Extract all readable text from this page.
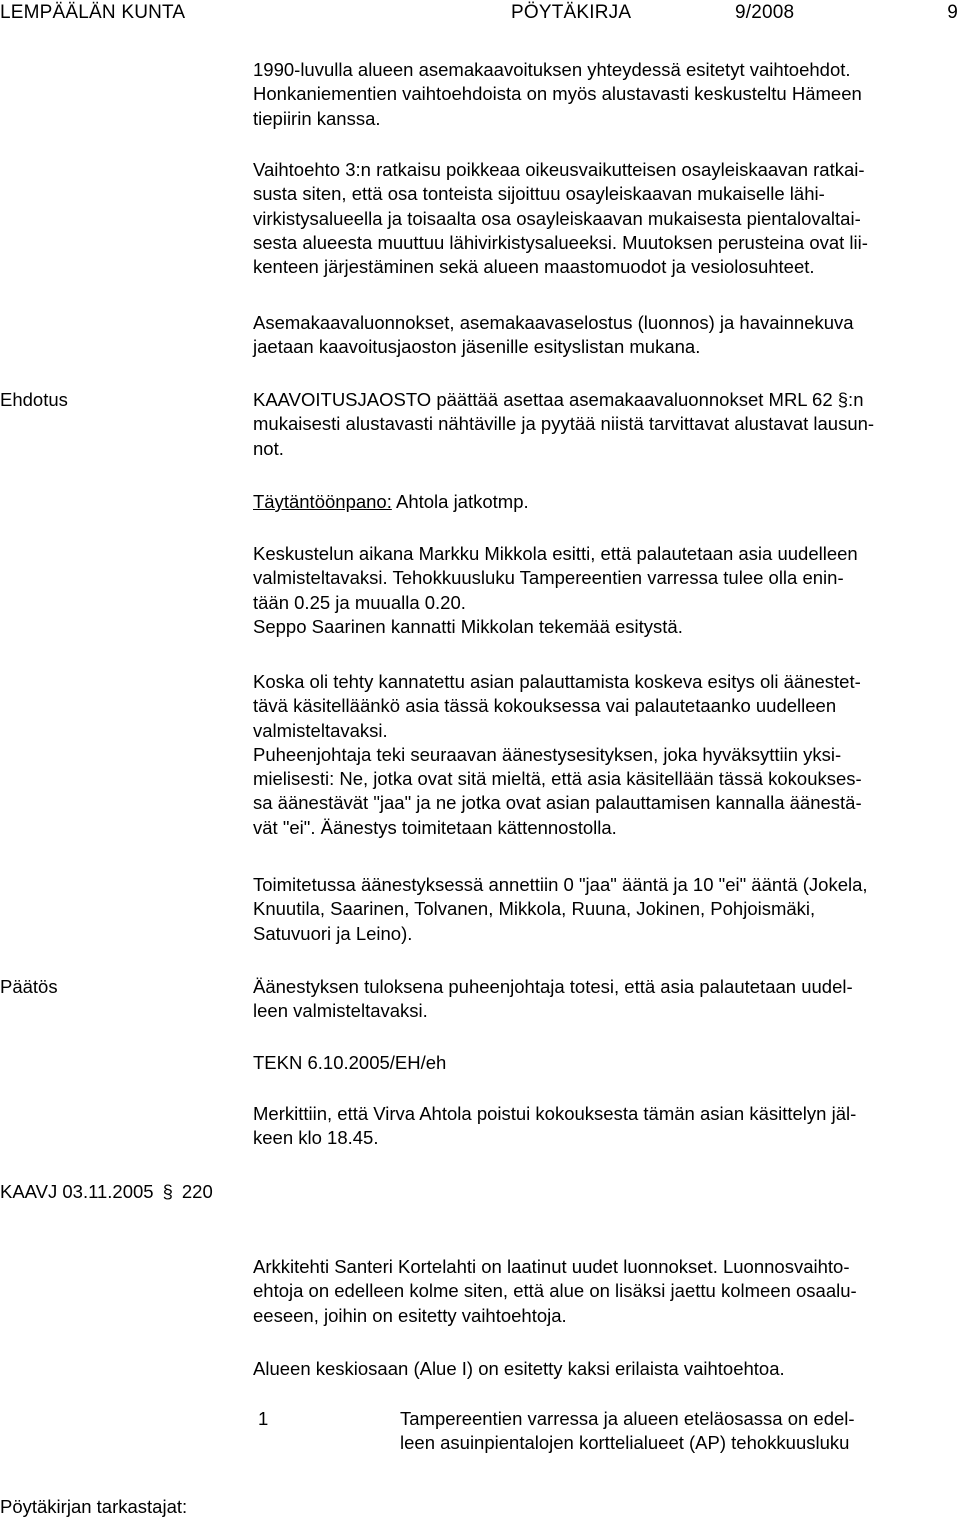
LEMPÄÄLÄN KUNTA	PÖYTÄKIRJA	9/2008	9
1990-luvulla alueen asemakaavoituksen yhteydessä esitetyt vaihtoehdot.
Honkaniementien vaihtoehdoista on myös alustavasti keskusteltu Hämeen
tiepiirin kanssa.
Vaihtoehto 3:n ratkaisu poikkeaa oikeusvaikutteisen osayleiskaavan ratkai-
susta siten, että osa tonteista sijoittuu osayleiskaavan mukaiselle lähi-
virkistysalueella ja toisaalta osa osayleiskaavan mukaisesta pientalovaltai-
sesta alueesta muuttuu lähivirkistysalueeksi. Muutoksen perusteina ovat lii-
kenteen järjestäminen sekä alueen maastomuodot ja vesiolosuhteet.
Asemakaavaluonnokset, asemakaavaselostus (luonnos) ja havainnekuva
jaetaan kaavoitusjaoston jäsenille esityslistan mukana.
Ehdotus	KAAVOITUSJAOSTO päättää asettaa asemakaavaluonnokset MRL 62 §:n
mukaisesti alustavasti nähtäville ja pyytää niistä tarvittavat alustavat lausun-
not.
Täytäntöönpano: Ahtola jatkotmp.
Keskustelun aikana Markku Mikkola esitti, että palautetaan asia uudelleen
valmisteltavaksi. Tehokkuusluku Tampereentien varressa tulee olla enin-
tään 0.25 ja muualla 0.20.
Seppo Saarinen kannatti Mikkolan tekemää esitystä.
Koska oli tehty kannatettu asian palauttamista koskeva esitys oli äänestet-
tävä käsitelläänkö asia tässä kokouksessa vai palautetaanko uudelleen
valmisteltavaksi.
Puheenjohtaja teki seuraavan äänestysesityksen, joka hyväksyttiin yksi-
mielisesti: Ne, jotka ovat sitä mieltä, että asia käsitellään tässä kokoukses-
sa äänestävät "jaa" ja ne jotka ovat asian palauttamisen kannalla äänestä-
vät "ei". Äänestys toimitetaan kättennostolla.
Toimitetussa äänestyksessä annettiin 0 "jaa" ääntä ja 10 "ei" ääntä (Jokela,
Knuutila, Saarinen, Tolvanen, Mikkola, Ruuna, Jokinen, Pohjoismäki,
Satuvuori ja Leino).
Päätös	Äänestyksen tuloksena puheenjohtaja totesi, että asia palautetaan uudel-
leen valmisteltavaksi.
TEKN 6.10.2005/EH/eh
Merkittiin, että Virva Ahtola poistui kokouksesta tämän asian käsittelyn jäl-
keen klo 18.45.
KAAVJ 03.11.2005 § 220
Arkkitehti Santeri Kortelahti on laatinut uudet luonnokset. Luonnosvaihto-
ehtoja on edelleen kolme siten, että alue on lisäksi jaettu kolmeen osaalu-
eeseen, joihin on esitetty vaihtoehtoja.
Alueen keskiosaan (Alue I) on esitetty kaksi erilaista vaihtoehtoa.
1	Tampereentien varressa ja alueen eteläosassa on edel-
leen asuinpientalojen korttelialueet (AP) tehokkuusluku
Pöytäkirjan tarkastajat:
